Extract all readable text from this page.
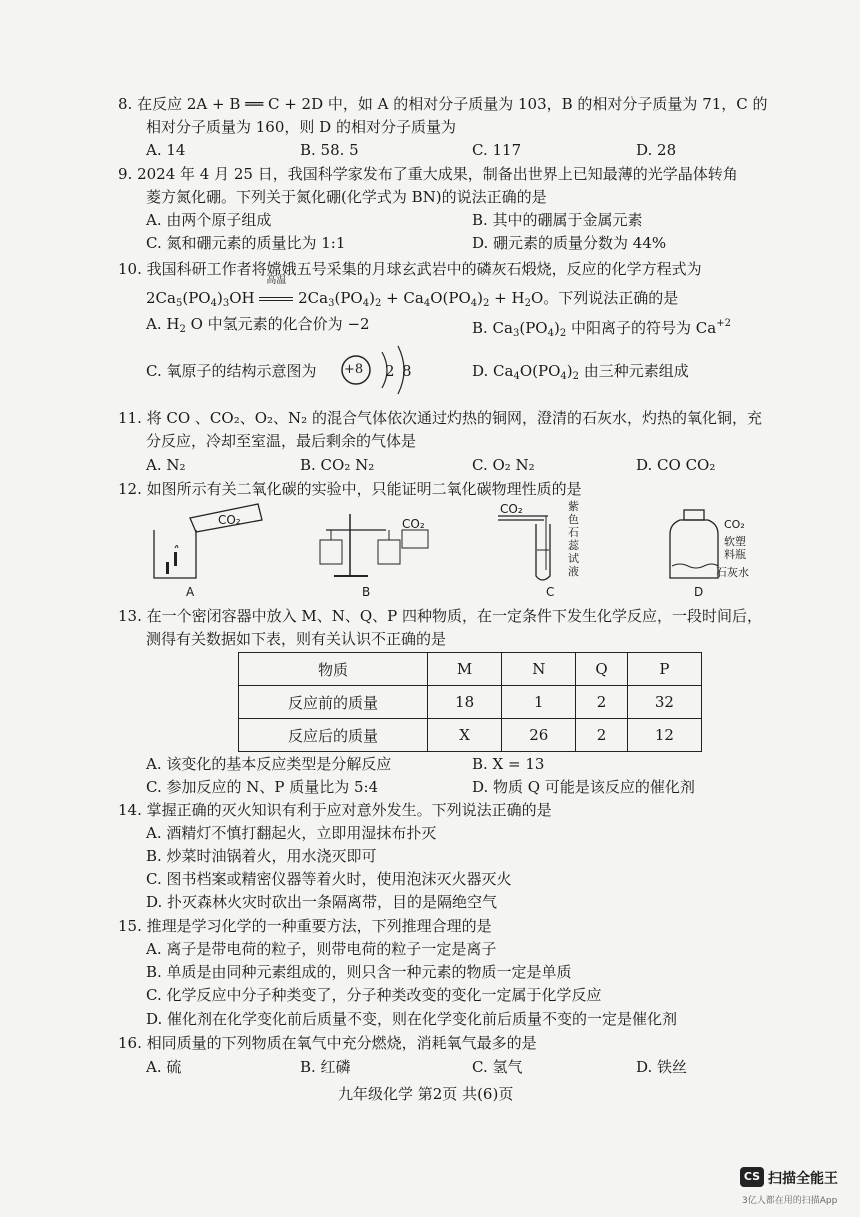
8. 在反应 2A + B ══ C + 2D 中，如 A 的相对分子质量为 103，B 的相对分子质量为 71，C 的
相对分子质量为 160，则 D 的相对分子质量为
A. 14	B. 58. 5	C. 117	D. 28
9. 2024 年 4 月 25 日，我国科学家发布了重大成果，制备出世界上已知最薄的光学晶体转角
菱方氮化硼。下列关于氮化硼(化学式为 BN)的说法正确的是
A. 由两个原子组成	B. 其中的硼属于金属元素
C. 氮和硼元素的质量比为 1:1	D. 硼元素的质量分数为 44%
10. 我国科研工作者将嫦娥五号采集的月球玄武岩中的磷灰石煅烧，反应的化学方程式为
$2Ca_5(PO_4)_3OH$
高温
$2Ca_3(PO_4)_2 + Ca_4O(PO_4)_2 + H_2O$。下列说法正确的是
A. $H_2$ O 中氢元素的化合价为 −2	B. $Ca_3(PO_4)_2$ 中阳离子的符号为 $Ca^{+2}$
C. 氧原子的结构示意图为 +8 2 8	D. $Ca_4O(PO_4)_2$ 由三种元素组成
11. 将 CO 、CO₂、O₂、N₂ 的混合气体依次通过灼热的铜网，澄清的石灰水，灼热的氧化铜，充
分反应，冷却至室温，最后剩余的气体是
A. N₂	B. CO₂ N₂	C. O₂ N₂	D. CO CO₂
12. 如图所示有关二氧化碳的实验中，只能证明二氧化碳物理性质的是
CO₂
A
CO₂
B
CO₂	紫色石蕊试液
C
CO₂
软塑料瓶
石灰水
D
13. 在一个密闭容器中放入 M、N、Q、P 四种物质，在一定条件下发生化学反应，一段时间后，
测得有关数据如下表，则有关认识不正确的是
物质	M	N	Q	P
反应前的质量	18	1	2	32
反应后的质量	X	26	2	12
A. 该变化的基本反应类型是分解反应	B. X = 13
C. 参加反应的 N、P 质量比为 5:4	D. 物质 Q 可能是该反应的催化剂
14. 掌握正确的灭火知识有利于应对意外发生。下列说法正确的是
A. 酒精灯不慎打翻起火，立即用湿抹布扑灭
B. 炒菜时油锅着火，用水浇灭即可
C. 图书档案或精密仪器等着火时，使用泡沫灭火器灭火
D. 扑灭森林火灾时砍出一条隔离带，目的是隔绝空气
15. 推理是学习化学的一种重要方法，下列推理合理的是
A. 离子是带电荷的粒子，则带电荷的粒子一定是离子
B. 单质是由同种元素组成的，则只含一种元素的物质一定是单质
C. 化学反应中分子种类变了，分子种类改变的变化一定属于化学反应
D. 催化剂在化学变化前后质量不变，则在化学变化前后质量不变的一定是催化剂
16. 相同质量的下列物质在氧气中充分燃烧，消耗氧气最多的是
A. 硫	B. 红磷	C. 氢气	D. 铁丝
九年级化学 第2页 共(6)页
CS 扫描全能王
3亿人都在用的扫描App
